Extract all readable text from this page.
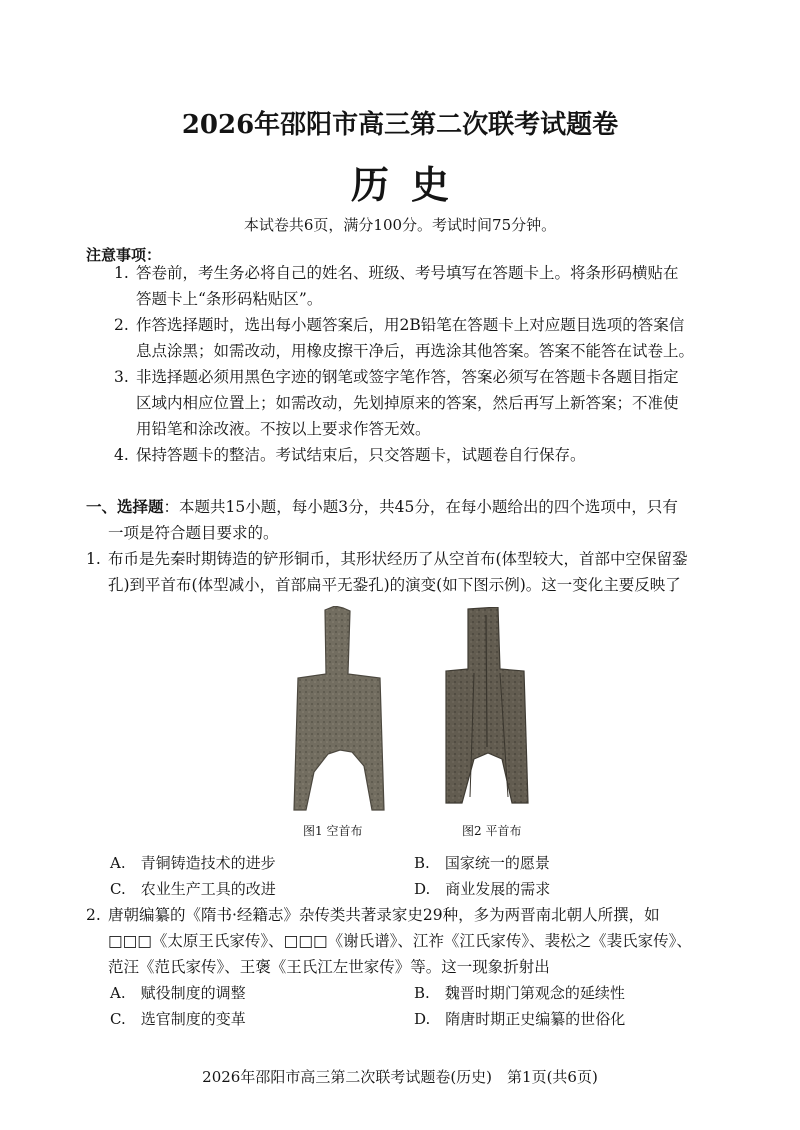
2026年邵阳市高三第二次联考试题卷
历史
本试卷共6页，满分100分。考试时间75分钟。
注意事项：
1. 答卷前，考生务必将自己的姓名、班级、考号填写在答题卡上。将条形码横贴在
答题卡上“条形码粘贴区”。
2. 作答选择题时，选出每小题答案后，用2B铅笔在答题卡上对应题目选项的答案信
息点涂黑；如需改动，用橡皮擦干净后，再选涂其他答案。答案不能答在试卷上。
3. 非选择题必须用黑色字迹的钢笔或签字笔作答，答案必须写在答题卡各题目指定
区域内相应位置上；如需改动，先划掉原来的答案，然后再写上新答案；不准使
用铅笔和涂改液。不按以上要求作答无效。
4. 保持答题卡的整洁。考试结束后，只交答题卡，试题卷自行保存。
一、选择题：本题共15小题，每小题3分，共45分，在每小题给出的四个选项中，只有
一项是符合题目要求的。
1. 布币是先秦时期铸造的铲形铜币，其形状经历了从空首布(体型较大，首部中空保留銎
孔)到平首布(体型减小，首部扁平无銎孔)的演变(如下图示例)。这一变化主要反映了
图1 空首布	图2 平首布
A.　 青铜铸造技术的进步	B.　 国家统一的愿景
C.　 农业生产工具的改进	D.　 商业发展的需求
2. 唐朝编纂的《隋书·经籍志》杂传类共著录家史29种，多为两晋南北朝人所撰，如
□□□《太原王氏家传》、□□□《谢氏谱》、江祚《江氏家传》、裴松之《裴氏家传》、
范汪《范氏家传》、王褒《王氏江左世家传》等。这一现象折射出
A.　 赋役制度的调整	B.　 魏晋时期门第观念的延续性
C.　 选官制度的变革	D.　 隋唐时期正史编纂的世俗化
2026年邵阳市高三第二次联考试题卷(历史)　第1页(共6页)
